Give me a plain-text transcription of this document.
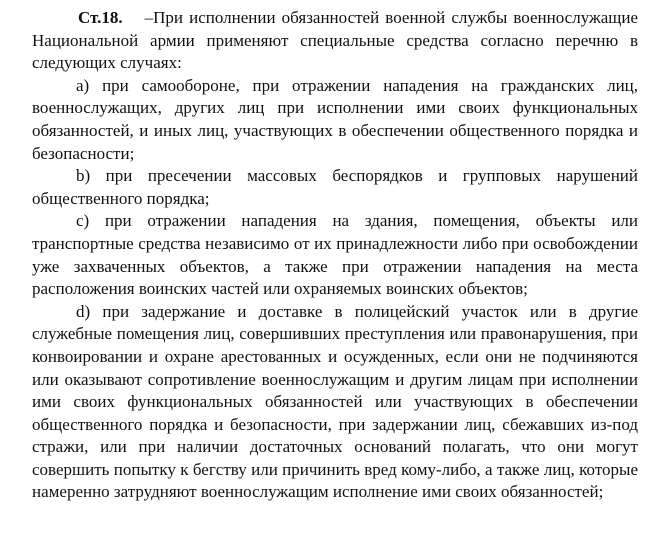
Ст.18. –При исполнении обязанностей военной службы военнослужащие Национальной армии применяют специальные средства согласно перечню в следующих случаях:

a) при самообороне, при отражении нападения на гражданских лиц, военнослужащих, других лиц при исполнении ими своих функциональных обязанностей, и иных лиц, участвующих в обеспечении общественного порядка и безопасности;

b) при пресечении массовых беспорядков и групповых нарушений общественного порядка;

c) при отражении нападения на здания, помещения, объекты или транспортные средства независимо от их принадлежности либо при освобождении уже захваченных объектов, а также при отражении нападения на места расположения воинских частей или охраняемых воинских объектов;

d) при задержание и доставке в полицейский участок или в другие служебные помещения лиц, совершивших преступления или правонарушения, при конвоировании и охране арестованных и осужденных, если они не подчиняются или оказывают сопротивление военнослужащим и другим лицам при исполнении ими своих функциональных обязанностей или участвующих в обеспечении общественного порядка и безопасности, при задержании лиц, сбежавших из-под стражи, или при наличии достаточных оснований полагать, что они могут совершить попытку к бегству или причинить вред кому-либо, а также лиц, которые намеренно затрудняют военнослужащим исполнение ими своих обязанностей;
